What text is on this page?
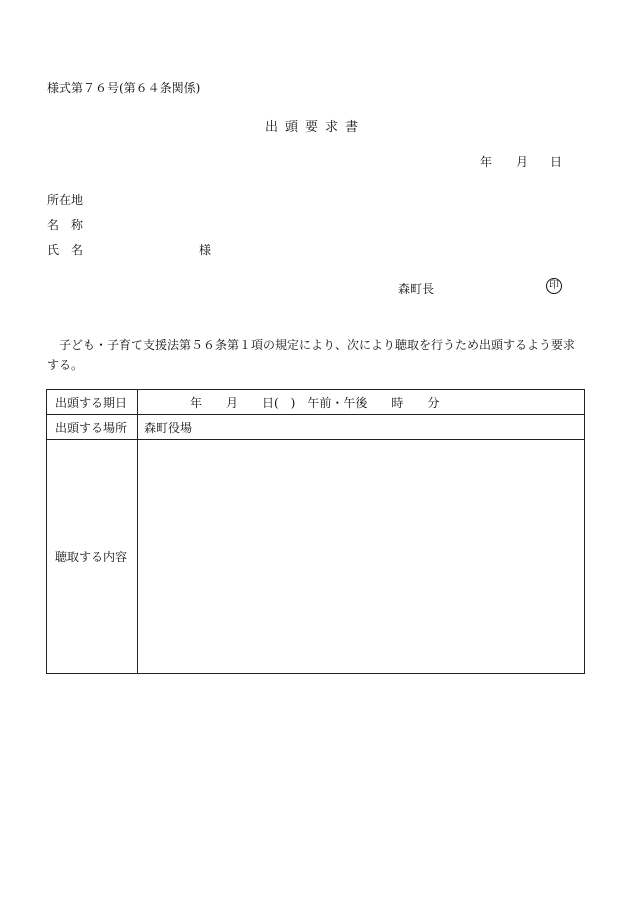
様式第７６号(第６４条関係)
出頭要求書
年 月 日
所在地
名　称
氏　名	様
森町長	印
子ども・子育て支援法第５６条第１項の規定により、次により聴取を行うため出頭するよう要求する。
出頭する期日	年　　月　　日(　)　午前・午後　　時　　分
出頭する場所	森町役場
聴取する内容	
